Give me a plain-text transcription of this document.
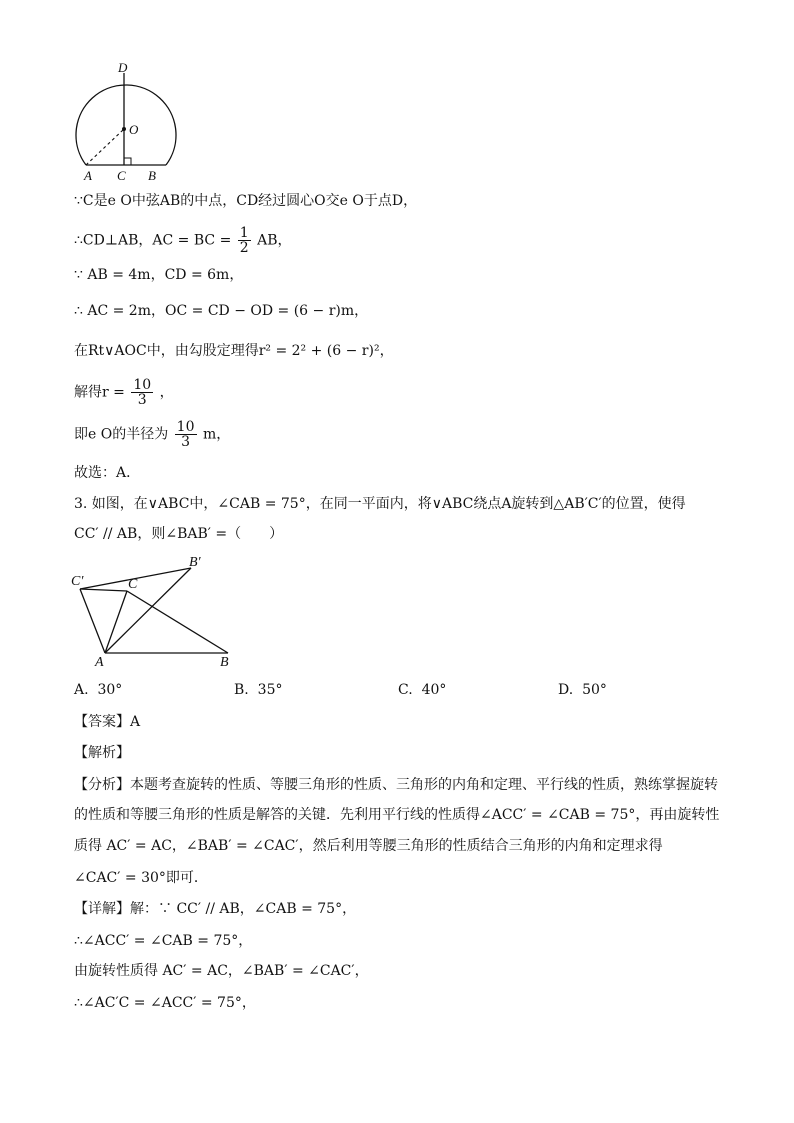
D
O
A C B
∵C是e O中弦AB的中点，CD经过圆心O交e O于点D，
∴CD⊥AB，AC = BC = $\frac{1}{2}$ AB，
∵ AB = 4m，CD = 6m，
∴ AC = 2m，OC = CD − OD = (6 − r)m，
在Rt∨AOC中，由勾股定理得r² = 2² + (6 − r)²，
解得$r = \frac{10}{3}$ ，
即e O的半径为 $\frac{10}{3}$ m，
故选：A．
3. 如图，在∨ABC中，∠CAB = 75°，在同一平面内，将∨ABC绕点A旋转到△AB′C′的位置，使得
CC′ // AB，则∠BAB′ =（　　）
C′	C
B′
A	B
A. 30°	B. 35°	C. 40°	D. 50°
【答案】A
【解析】
【分析】本题考查旋转的性质、等腰三角形的性质、三角形的内角和定理、平行线的性质，熟练掌握旋转
的性质和等腰三角形的性质是解答的关键．先利用平行线的性质得∠ACC′ = ∠CAB = 75°，再由旋转性
质得 AC′ = AC，∠BAB′ = ∠CAC′，然后利用等腰三角形的性质结合三角形的内角和定理求得
∠CAC′ = 30°即可．
【详解】解：∵ CC′ // AB，∠CAB = 75°，
∴∠ACC′ = ∠CAB = 75°，
由旋转性质得 AC′ = AC，∠BAB′ = ∠CAC′，
∴∠AC′C = ∠ACC′ = 75°，
